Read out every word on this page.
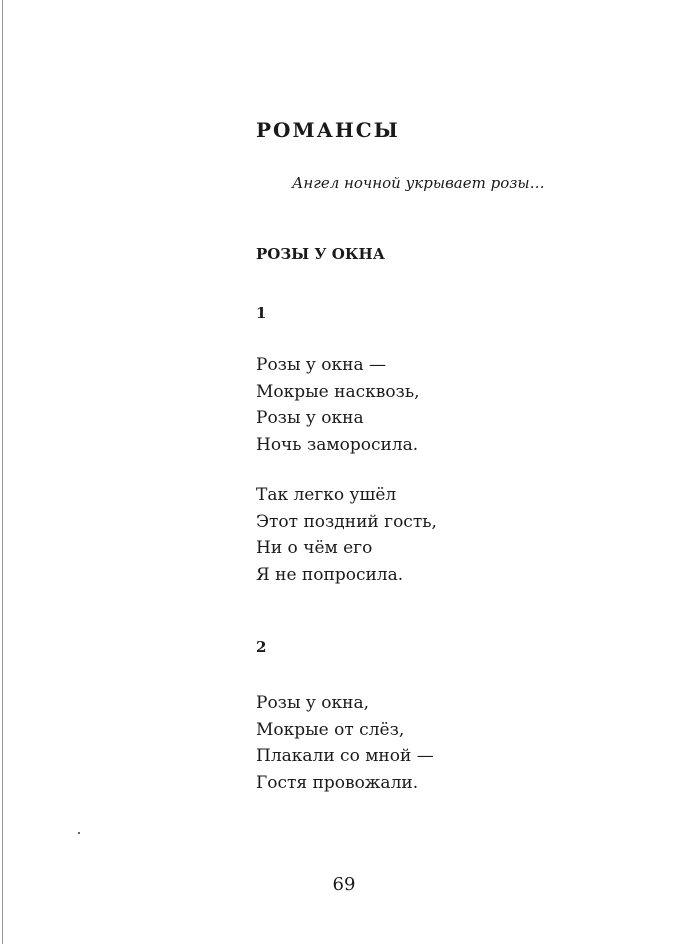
РОМАНСЫ

Ангел ночной укрывает розы…

РОЗЫ У ОКНА
1
Розы у окна —
Мокрые насквозь,
Розы у окна
Ночь заморосила.
Так легко ушёл
Этот поздний гость,
Ни о чём его
Я не попросила.
2
Розы у окна,
Мокрые от слёз,
Плакали со мной —
Гостя провожали.
69
